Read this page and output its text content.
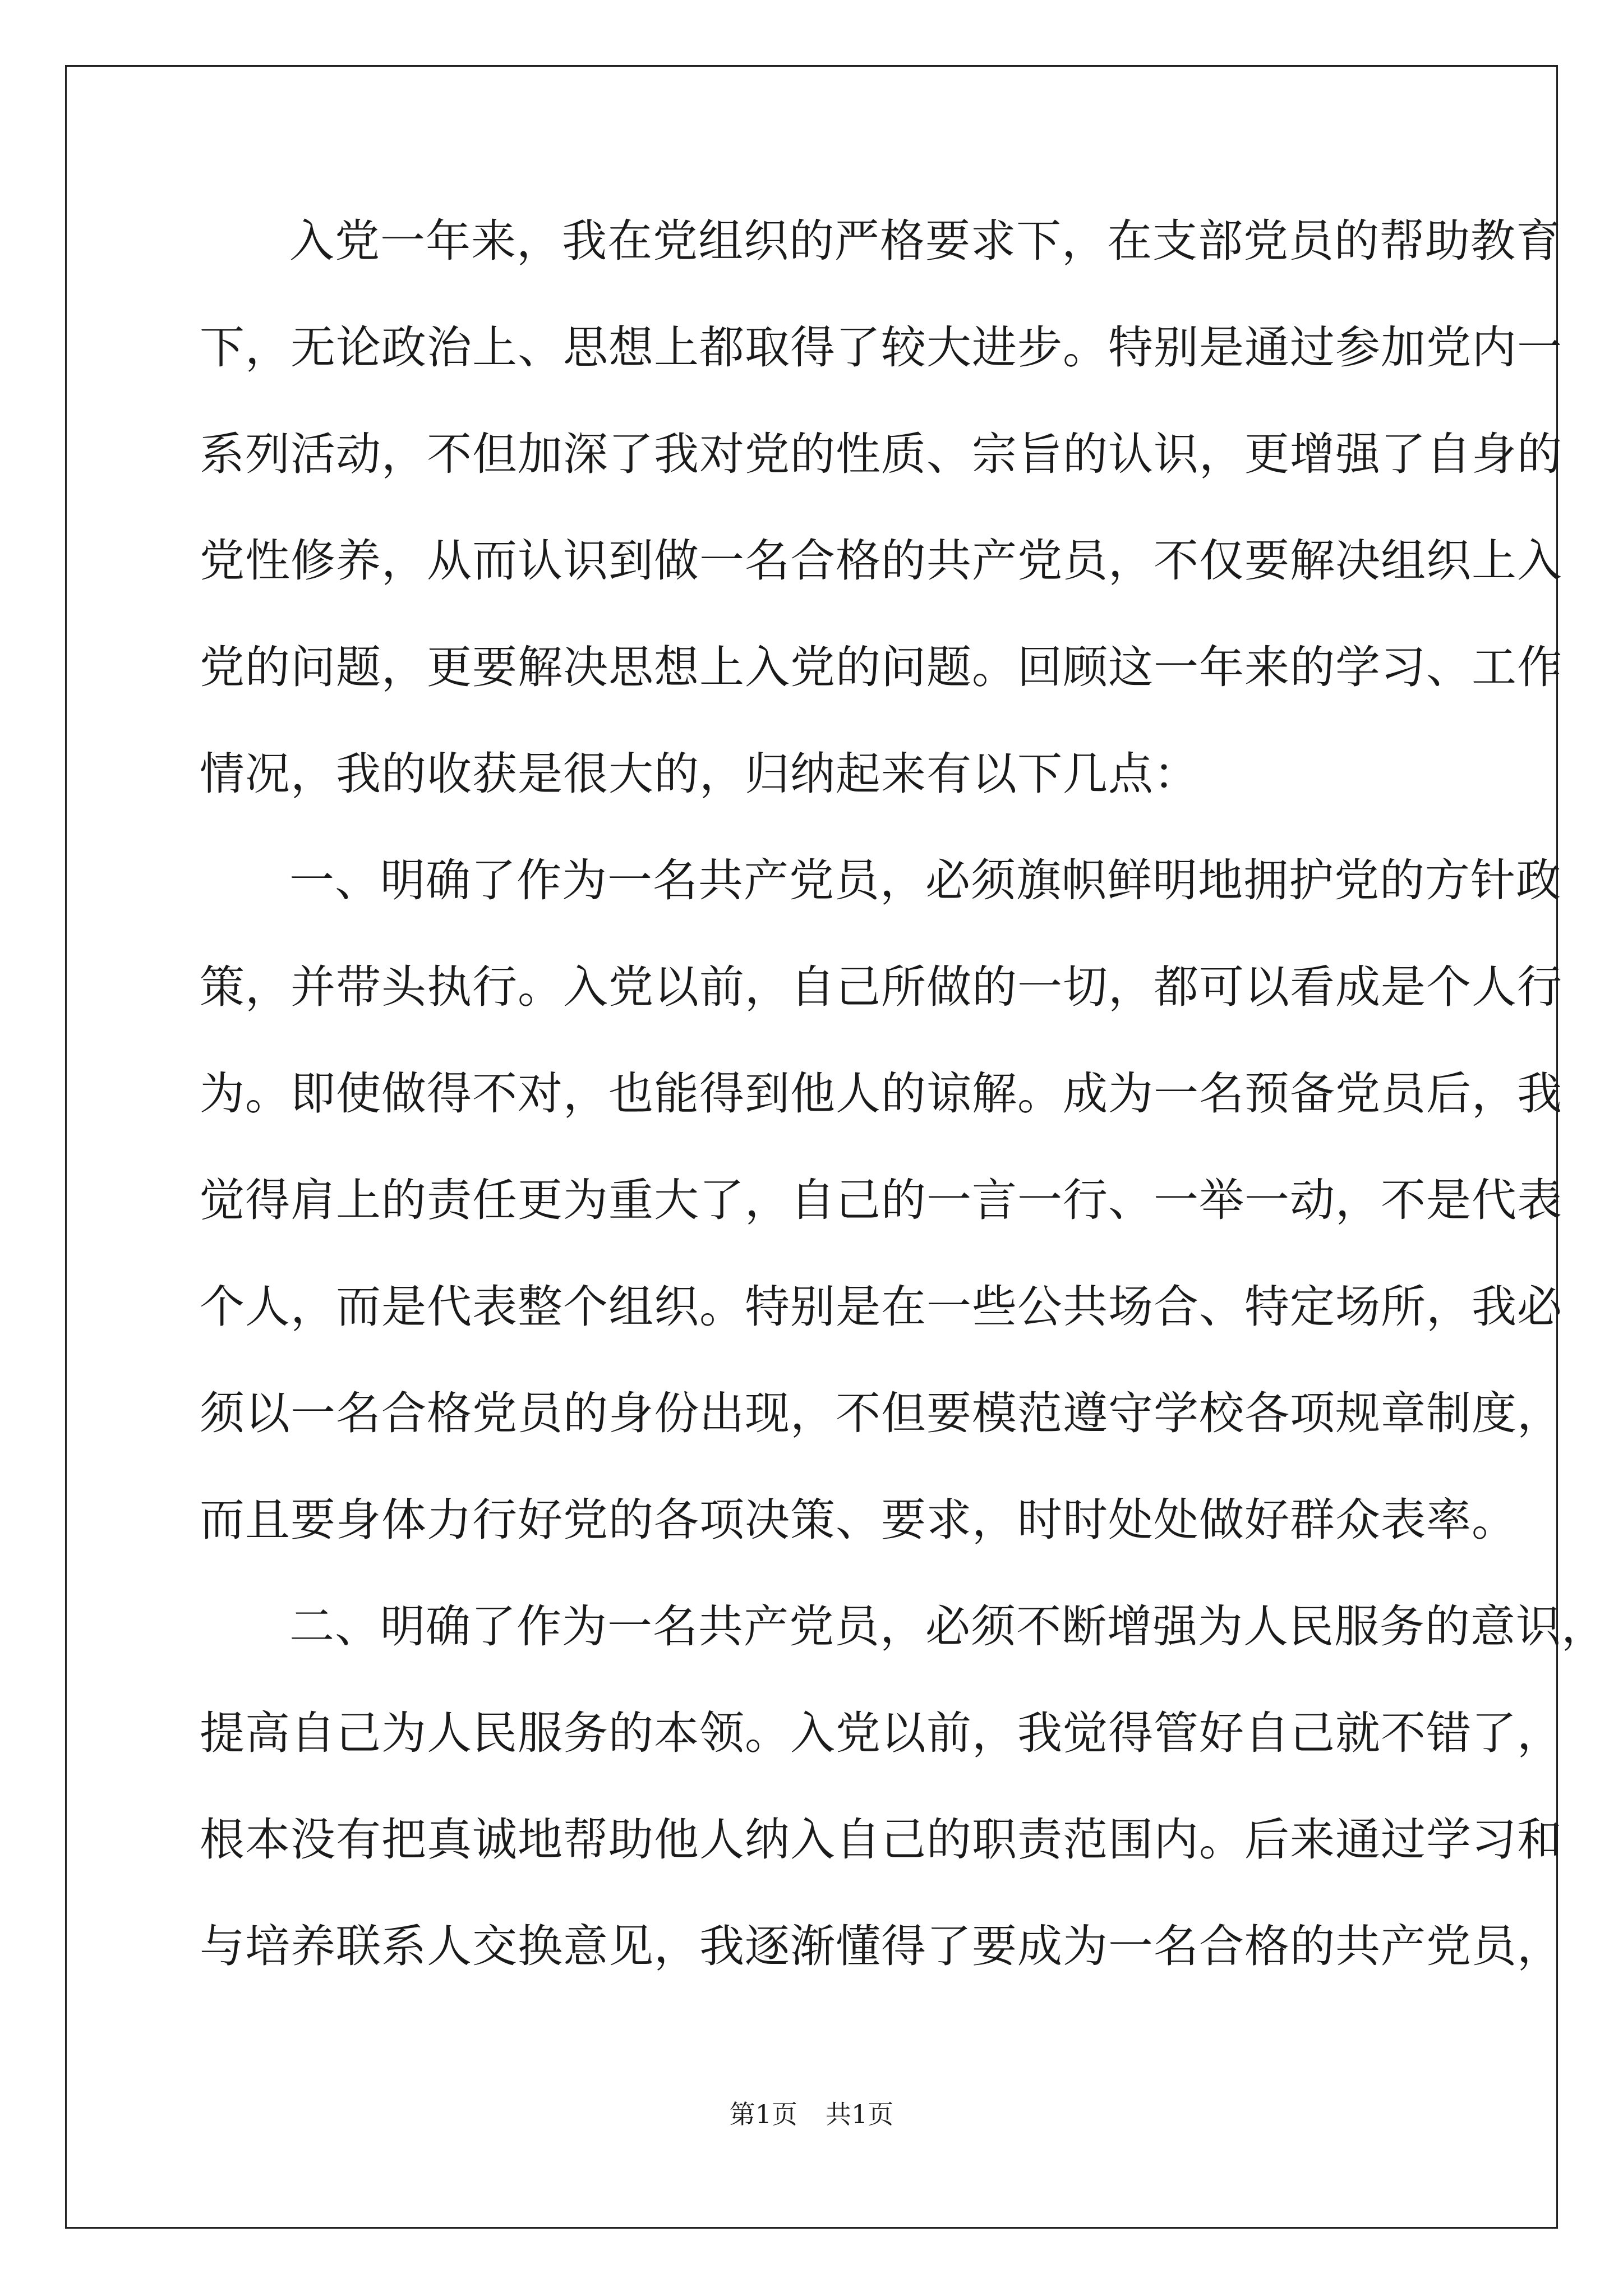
入党一年来，我在党组织的严格要求下，在支部党员的帮助教育
下，无论政治上、思想上都取得了较大进步。特别是通过参加党内一
系列活动，不但加深了我对党的性质、宗旨的认识，更增强了自身的
党性修养，从而认识到做一名合格的共产党员，不仅要解决组织上入
党的问题，更要解决思想上入党的问题。回顾这一年来的学习、工作
情况，我的收获是很大的，归纳起来有以下几点：
一、明确了作为一名共产党员，必须旗帜鲜明地拥护党的方针政
策，并带头执行。入党以前，自己所做的一切，都可以看成是个人行
为。即使做得不对，也能得到他人的谅解。成为一名预备党员后，我
觉得肩上的责任更为重大了，自己的一言一行、一举一动，不是代表
个人，而是代表整个组织。特别是在一些公共场合、特定场所，我必
须以一名合格党员的身份出现，不但要模范遵守学校各项规章制度，
而且要身体力行好党的各项决策、要求，时时处处做好群众表率。
二、明确了作为一名共产党员，必须不断增强为人民服务的意识，
提高自己为人民服务的本领。入党以前，我觉得管好自己就不错了，
根本没有把真诚地帮助他人纳入自己的职责范围内。后来通过学习和
与培养联系人交换意见，我逐渐懂得了要成为一名合格的共产党员，
第1页 共1页
